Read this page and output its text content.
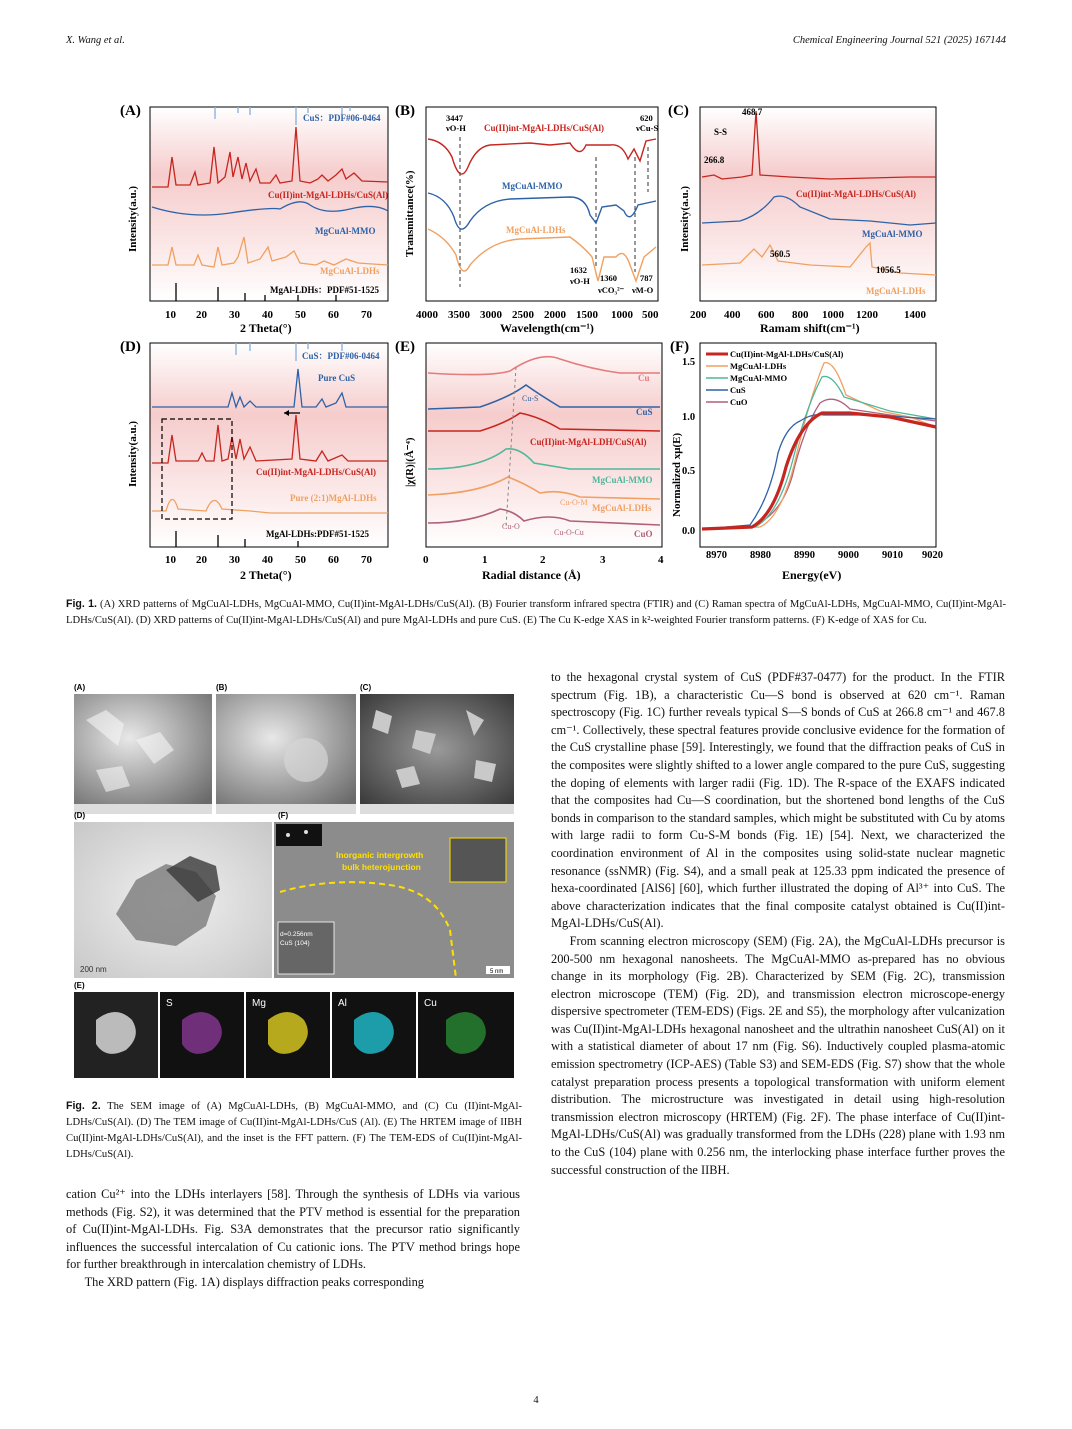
X. Wang et al.	Chemical Engineering Journal 521 (2025) 167144
(A)
Intensity(a.u.)
2 Theta(°)
10 20 30 40 50 60 70
CuS：PDF#06-0464
Cu(II)int-MgAl-LDHs/CuS(Al)
MgCuAl-MMO
MgCuAl-LDHs
MgAl-LDHs：PDF#51-1525
(B)
Transmittance(%)
Wavelength(cm⁻¹)
4000 3500 3000 2500 2000 1500 1000 500
3447
νO-H Cu(II)int-MgAl-LDHs/CuS(Al)
620
νCu-S
MgCuAl-MMO
MgCuAl-LDHs
1632
νO-H 1360
νCO₃²⁻
787
νM-O
(C)
Intensity(a.u.)
Ramam shift(cm⁻¹)
200 400 600 800 1000 1200 1400
468.7
S-S
266.8
Cu(II)int-MgAl-LDHs/CuS(Al)
MgCuAl-MMO
560.5
1056.5
MgCuAl-LDHs
(D)
Intensity(a.u.)
2 Theta(°)
10 20 30 40 50 60 70
CuS：PDF#06-0464
Pure CuS
Cu(II)int-MgAl-LDHs/CuS(Al)
Pure (2:1)MgAl-LDHs
MgAl-LDHs:PDF#51-1525
(E)
|χ(R)|(Å⁻⁴)
Radial distance (Å)
0	1	2	3	4
Cu
Cu-S
CuS
Cu(II)int-MgAl-LDH/CuS(Al)
MgCuAl-MMO
Cu-O-M
MgCuAl-LDHs
Cu-O
Cu-O-Cu	CuO
(F)
Normalized xμ(E)
Energy(eV)
0.0
0.5
1.0
1.5
8970 8980 8990 9000 9010 9020
Cu(II)int-MgAl-LDHs/CuS(Al)
MgCuAl-LDHs
MgCuAl-MMO
CuS
CuO
Fig. 1. (A) XRD patterns of MgCuAl-LDHs, MgCuAl-MMO, Cu(II)int-MgAl-LDHs/CuS(Al). (B) Fourier transform infrared spectra (FTIR) and (C) Raman spectra of MgCuAl-LDHs, MgCuAl-MMO, Cu(II)int-MgAl-LDHs/CuS(Al). (D) XRD patterns of Cu(II)int-MgAl-LDHs/CuS(Al) and pure MgAl-LDHs and pure CuS. (E) The Cu K-edge XAS in k²-weighted Fourier transform patterns. (F) K-edge of XAS for Cu.
(A)	(B)	(C)
(D)
200 nm
(F)
Inorganic intergrowth
bulk heterojunction
d=0.256nm
CuS (104)
5 nm
(E)
S	Mg	Al	Cu
Fig. 2. The SEM image of (A) MgCuAl-LDHs, (B) MgCuAl-MMO, and (C) Cu (II)int-MgAl-LDHs/CuS(Al). (D) The TEM image of Cu(II)int-MgAl-LDHs/CuS (Al). (E) The HRTEM image of IIBH Cu(II)int-MgAl-LDHs/CuS(Al), and the inset is the FFT pattern. (F) The TEM-EDS of Cu(II)int-MgAl-LDHs/CuS(Al).

cation Cu²⁺ into the LDHs interlayers [58]. Through the synthesis of LDHs via various methods (Fig. S2), it was determined that the PTV method is essential for the preparation of Cu(II)int-MgAl-LDHs. Fig. S3A demonstrates that the precursor ratio significantly influences the successful intercalation of Cu cationic ions. The PTV method brings hope for further breakthrough in intercalation chemistry of LDHs.

The XRD pattern (Fig. 1A) displays diffraction peaks corresponding

to the hexagonal crystal system of CuS (PDF#37-0477) for the product. In the FTIR spectrum (Fig. 1B), a characteristic Cu—S bond is observed at 620 cm⁻¹. Raman spectroscopy (Fig. 1C) further reveals typical S—S bonds of CuS at 266.8 cm⁻¹ and 467.8 cm⁻¹. Collectively, these spectral features provide conclusive evidence for the formation of the CuS crystalline phase [59]. Interestingly, we found that the diffraction peaks of CuS in the composites were slightly shifted to a lower angle compared to the pure CuS, suggesting the doping of elements with larger radii (Fig. 1D). The R-space of the EXAFS indicated that the composites had Cu—S coordination, but the shortened bond lengths of the CuS bonds in comparison to the standard samples, which might be substituted with Cu by atoms with large radii to form Cu-S-M bonds (Fig. 1E) [54]. Next, we characterized the coordination environment of Al in the composites using solid-state nuclear magnetic resonance (ssNMR) (Fig. S4), and a small peak at 125.33 ppm indicated the presence of hexa-coordinated [AlS6] [60], which further illustrated the doping of Al³⁺ into CuS. The above characterization indicates that the final composite catalyst obtained is Cu(II)int-MgAl-LDHs/CuS(Al).

From scanning electron microscopy (SEM) (Fig. 2A), the MgCuAl-LDHs precursor is 200-500 nm hexagonal nanosheets. The MgCuAl-MMO as-prepared has no obvious change in its morphology (Fig. 2B). Characterized by SEM (Fig. 2C), transmission electron microscope (TEM) (Fig. 2D), and transmission electron microscope-energy dispersive spectrometer (TEM-EDS) (Figs. 2E and S5), the morphology after vulcanization was Cu(II)int-MgAl-LDHs hexagonal nanosheet and the ultrathin nanosheet CuS(Al) on it with a statistical diameter of about 17 nm (Fig. S6). Inductively coupled plasma-atomic emission spectrometry (ICP-AES) (Table S3) and SEM-EDS (Fig. S7) show that the whole catalyst preparation process presents a topological transformation with uniform element distribution. The microstructure was investigated in detail using high-resolution transmission electron microscopy (HRTEM) (Fig. 2F). The phase interface of Cu(II)int-MgAl-LDHs/CuS(Al) was gradually transformed from the LDHs (228) plane with 1.93 nm to the CuS (104) plane with 0.256 nm, the interlocking phase interface further proves the successful construction of the IIBH.

4
